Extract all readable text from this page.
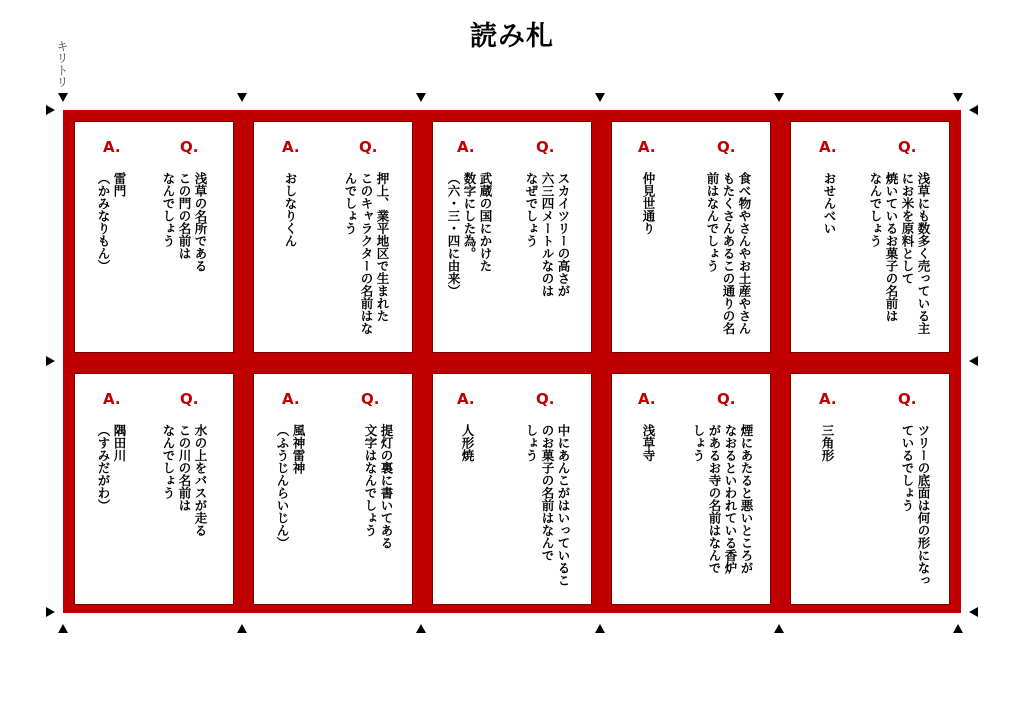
読み札
キリトリ
A.	Q.
浅草の名所である
この門の名前は
なんでしょう
雷門
（かみなりもん）
A.	Q.
押上、業平地区で生まれた
このキャラクターの名前はな
んでしょう
おしなりくん
A.	Q.
スカイツリーの高さが
六三四メートルなのは
なぜでしょう
武蔵の国にかけた
数字にした為。
（六・三・四に由来）
A.	Q.
食べ物やさんやお土産やさん
もたくさんあるこの通りの名
前はなんでしょう
仲見世通り
A.	Q.
浅草にも数多く売っている主
にお米を原料として
焼いているお菓子の名前は
なんでしょう
おせんべい
A.	Q.
水の上をバスが走る
この川の名前は
なんでしょう
隅田川
（すみだがわ）
A.	Q.
提灯の裏に書いてある
文字はなんでしょう
風神雷神
（ふうじんらいじん）
A.	Q.
中にあんこがはいっているこ
のお菓子の名前はなんで
しょう
人形焼
A.	Q.
煙にあたると悪いところが
なおるといわれている香炉
があるお寺の名前はなんで
しょう
浅草寺
A.	Q.
ツリーの底面は何の形になっ
ているでしょう
三角形
